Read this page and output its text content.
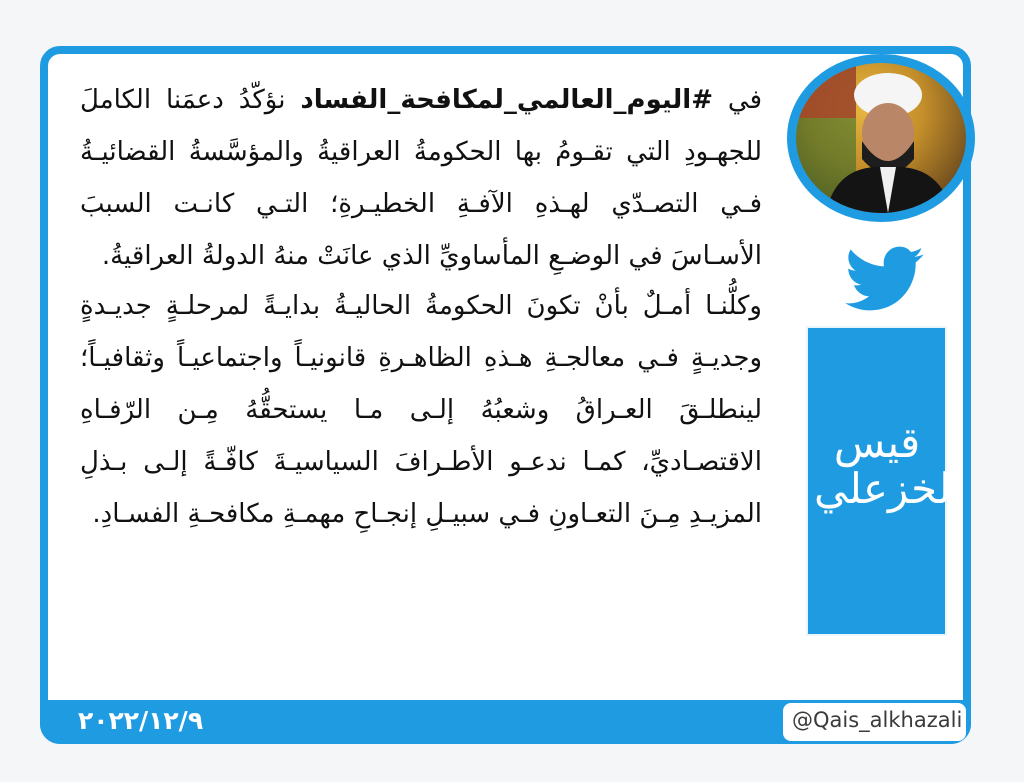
قيس الخزعلي

في #اليوم_العالمي_لمكافحة_الفساد نؤكّدُ دعمَنا الكاملَ للجهـودِ التي تقـومُ بها الحكومةُ العراقيةُ والمؤسَّسةُ القضائيـةُ فـي التصـدّي لهـذهِ الآفـةِ الخطيـرةِ؛ التـي كانـت السببَ الأسـاسَ في الوضـعِ المأساويِّ الذي عانَتْ منهُ الدولةُ العراقيةُ.

وكلُّنـا أمـلٌ بأنْ تكونَ الحكومةُ الحاليـةُ بدايـةً لمرحلـةٍ جديـدةٍ وجديـةٍ فـي معالجـةِ هـذهِ الظاهـرةِ قانونيـاً واجتماعيـاً وثقافيـاً؛ لينطلـقَ العـراقُ وشعبُهُ إلـى مـا يستحقُّهُ مِـن الرّفـاهِ الاقتصـاديِّ، كمـا ندعـو الأطـرافَ السياسيـةَ كافّـةً إلـى بـذلِ المزيـدِ مِـنَ التعـاونِ فـي سبيـلِ إنجـاحِ مهمـةِ مكافحـةِ الفسـادِ.

٢٠٢٢/١٢/٩	@Qais_alkhazali
